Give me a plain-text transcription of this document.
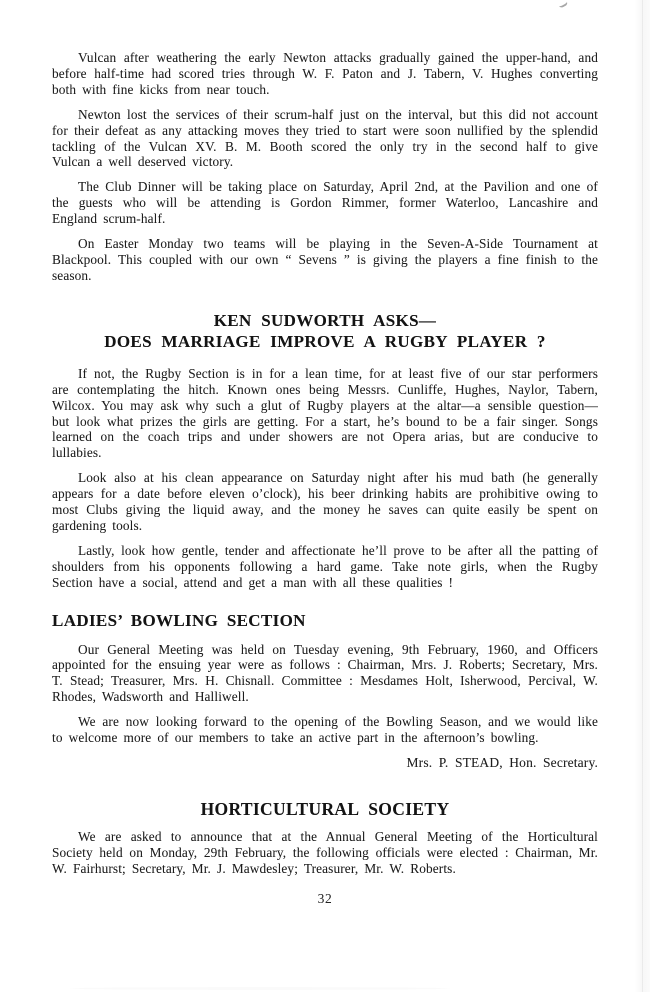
Vulcan after weathering the early Newton attacks gradually gained the upper-hand, and before half-time had scored tries through W. F. Paton and J. Tabern, V. Hughes converting both with fine kicks from near touch.

Newton lost the services of their scrum-half just on the interval, but this did not account for their defeat as any attacking moves they tried to start were soon nullified by the splendid tackling of the Vulcan XV. B. M. Booth scored the only try in the second half to give Vulcan a well deserved victory.

The Club Dinner will be taking place on Saturday, April 2nd, at the Pavilion and one of the guests who will be attending is Gordon Rimmer, former Waterloo, Lancashire and England scrum-half.

On Easter Monday two teams will be playing in the Seven-A-Side Tournament at Blackpool. This coupled with our own “ Sevens ” is giving the players a fine finish to the season.

KEN SUDWORTH ASKS—
DOES MARRIAGE IMPROVE A RUGBY PLAYER ?

If not, the Rugby Section is in for a lean time, for at least five of our star performers are contemplating the hitch. Known ones being Messrs. Cunliffe, Hughes, Naylor, Tabern, Wilcox. You may ask why such a glut of Rugby players at the altar—a sensible question—but look what prizes the girls are getting. For a start, he’s bound to be a fair singer. Songs learned on the coach trips and under showers are not Opera arias, but are conducive to lullabies.

Look also at his clean appearance on Saturday night after his mud bath (he generally appears for a date before eleven o’clock), his beer drinking habits are prohibitive owing to most Clubs giving the liquid away, and the money he saves can quite easily be spent on gardening tools.

Lastly, look how gentle, tender and affectionate he’ll prove to be after all the patting of shoulders from his opponents following a hard game. Take note girls, when the Rugby Section have a social, attend and get a man with all these qualities !

LADIES’ BOWLING SECTION

Our General Meeting was held on Tuesday evening, 9th February, 1960, and Officers appointed for the ensuing year were as follows : Chairman, Mrs. J. Roberts; Secretary, Mrs. T. Stead; Treasurer, Mrs. H. Chisnall. Committee : Mesdames Holt, Isherwood, Percival, W. Rhodes, Wadsworth and Halliwell.

We are now looking forward to the opening of the Bowling Season, and we would like to welcome more of our members to take an active part in the afternoon’s bowling.

Mrs. P. STEAD, Hon. Secretary.

HORTICULTURAL SOCIETY

We are asked to announce that at the Annual General Meeting of the Horticultural Society held on Monday, 29th February, the following officials were elected : Chairman, Mr. W. Fairhurst; Secretary, Mr. J. Mawdesley; Treasurer, Mr. W. Roberts.

32
